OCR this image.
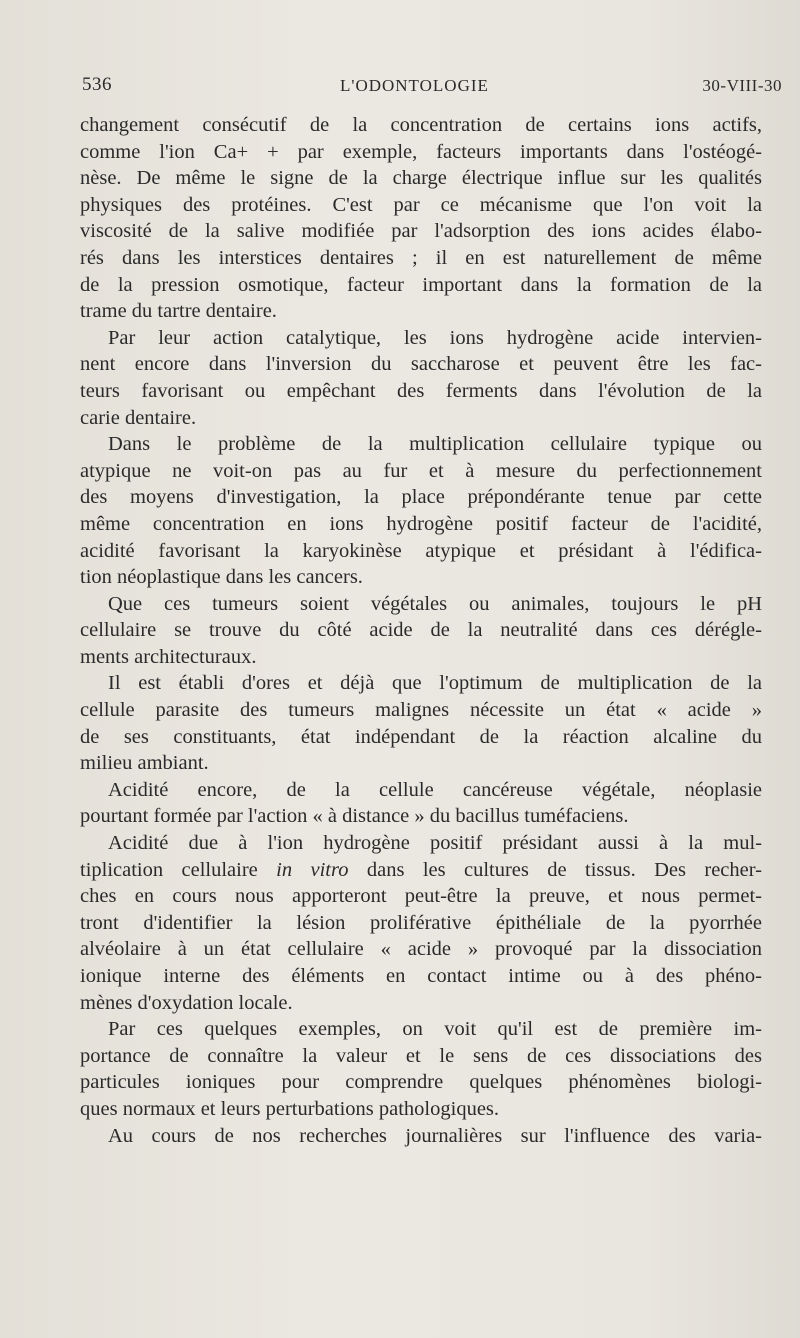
536	L'ODONTOLOGIE	30-VIII-30

changement consécutif de la concentration de certains ions actifs,
comme l'ion Ca+ + par exemple, facteurs importants dans l'ostéogé-
nèse. De même le signe de la charge électrique influe sur les qualités
physiques des protéines. C'est par ce mécanisme que l'on voit la
viscosité de la salive modifiée par l'adsorption des ions acides élabo-
rés dans les interstices dentaires ; il en est naturellement de même
de la pression osmotique, facteur important dans la formation de la
trame du tartre dentaire.

Par leur action catalytique, les ions hydrogène acide intervien-
nent encore dans l'inversion du saccharose et peuvent être les fac-
teurs favorisant ou empêchant des ferments dans l'évolution de la
carie dentaire.

Dans le problème de la multiplication cellulaire typique ou
atypique ne voit-on pas au fur et à mesure du perfectionnement
des moyens d'investigation, la place prépondérante tenue par cette
même concentration en ions hydrogène positif facteur de l'acidité,
acidité favorisant la karyokinèse atypique et présidant à l'édifica-
tion néoplastique dans les cancers.

Que ces tumeurs soient végétales ou animales, toujours le pH
cellulaire se trouve du côté acide de la neutralité dans ces dérégle-
ments architecturaux.

Il est établi d'ores et déjà que l'optimum de multiplication de la
cellule parasite des tumeurs malignes nécessite un état « acide »
de ses constituants, état indépendant de la réaction alcaline du
milieu ambiant.

Acidité encore, de la cellule cancéreuse végétale, néoplasie
pourtant formée par l'action « à distance » du bacillus tuméfaciens.

Acidité due à l'ion hydrogène positif présidant aussi à la mul-
tiplication cellulaire in vitro dans les cultures de tissus. Des recher-
ches en cours nous apporteront peut-être la preuve, et nous permet-
tront d'identifier la lésion proliférative épithéliale de la pyorrhée
alvéolaire à un état cellulaire « acide » provoqué par la dissociation
ionique interne des éléments en contact intime ou à des phéno-
mènes d'oxydation locale.

Par ces quelques exemples, on voit qu'il est de première im-
portance de connaître la valeur et le sens de ces dissociations des
particules ioniques pour comprendre quelques phénomènes biologi-
ques normaux et leurs perturbations pathologiques.

Au cours de nos recherches journalières sur l'influence des varia-
